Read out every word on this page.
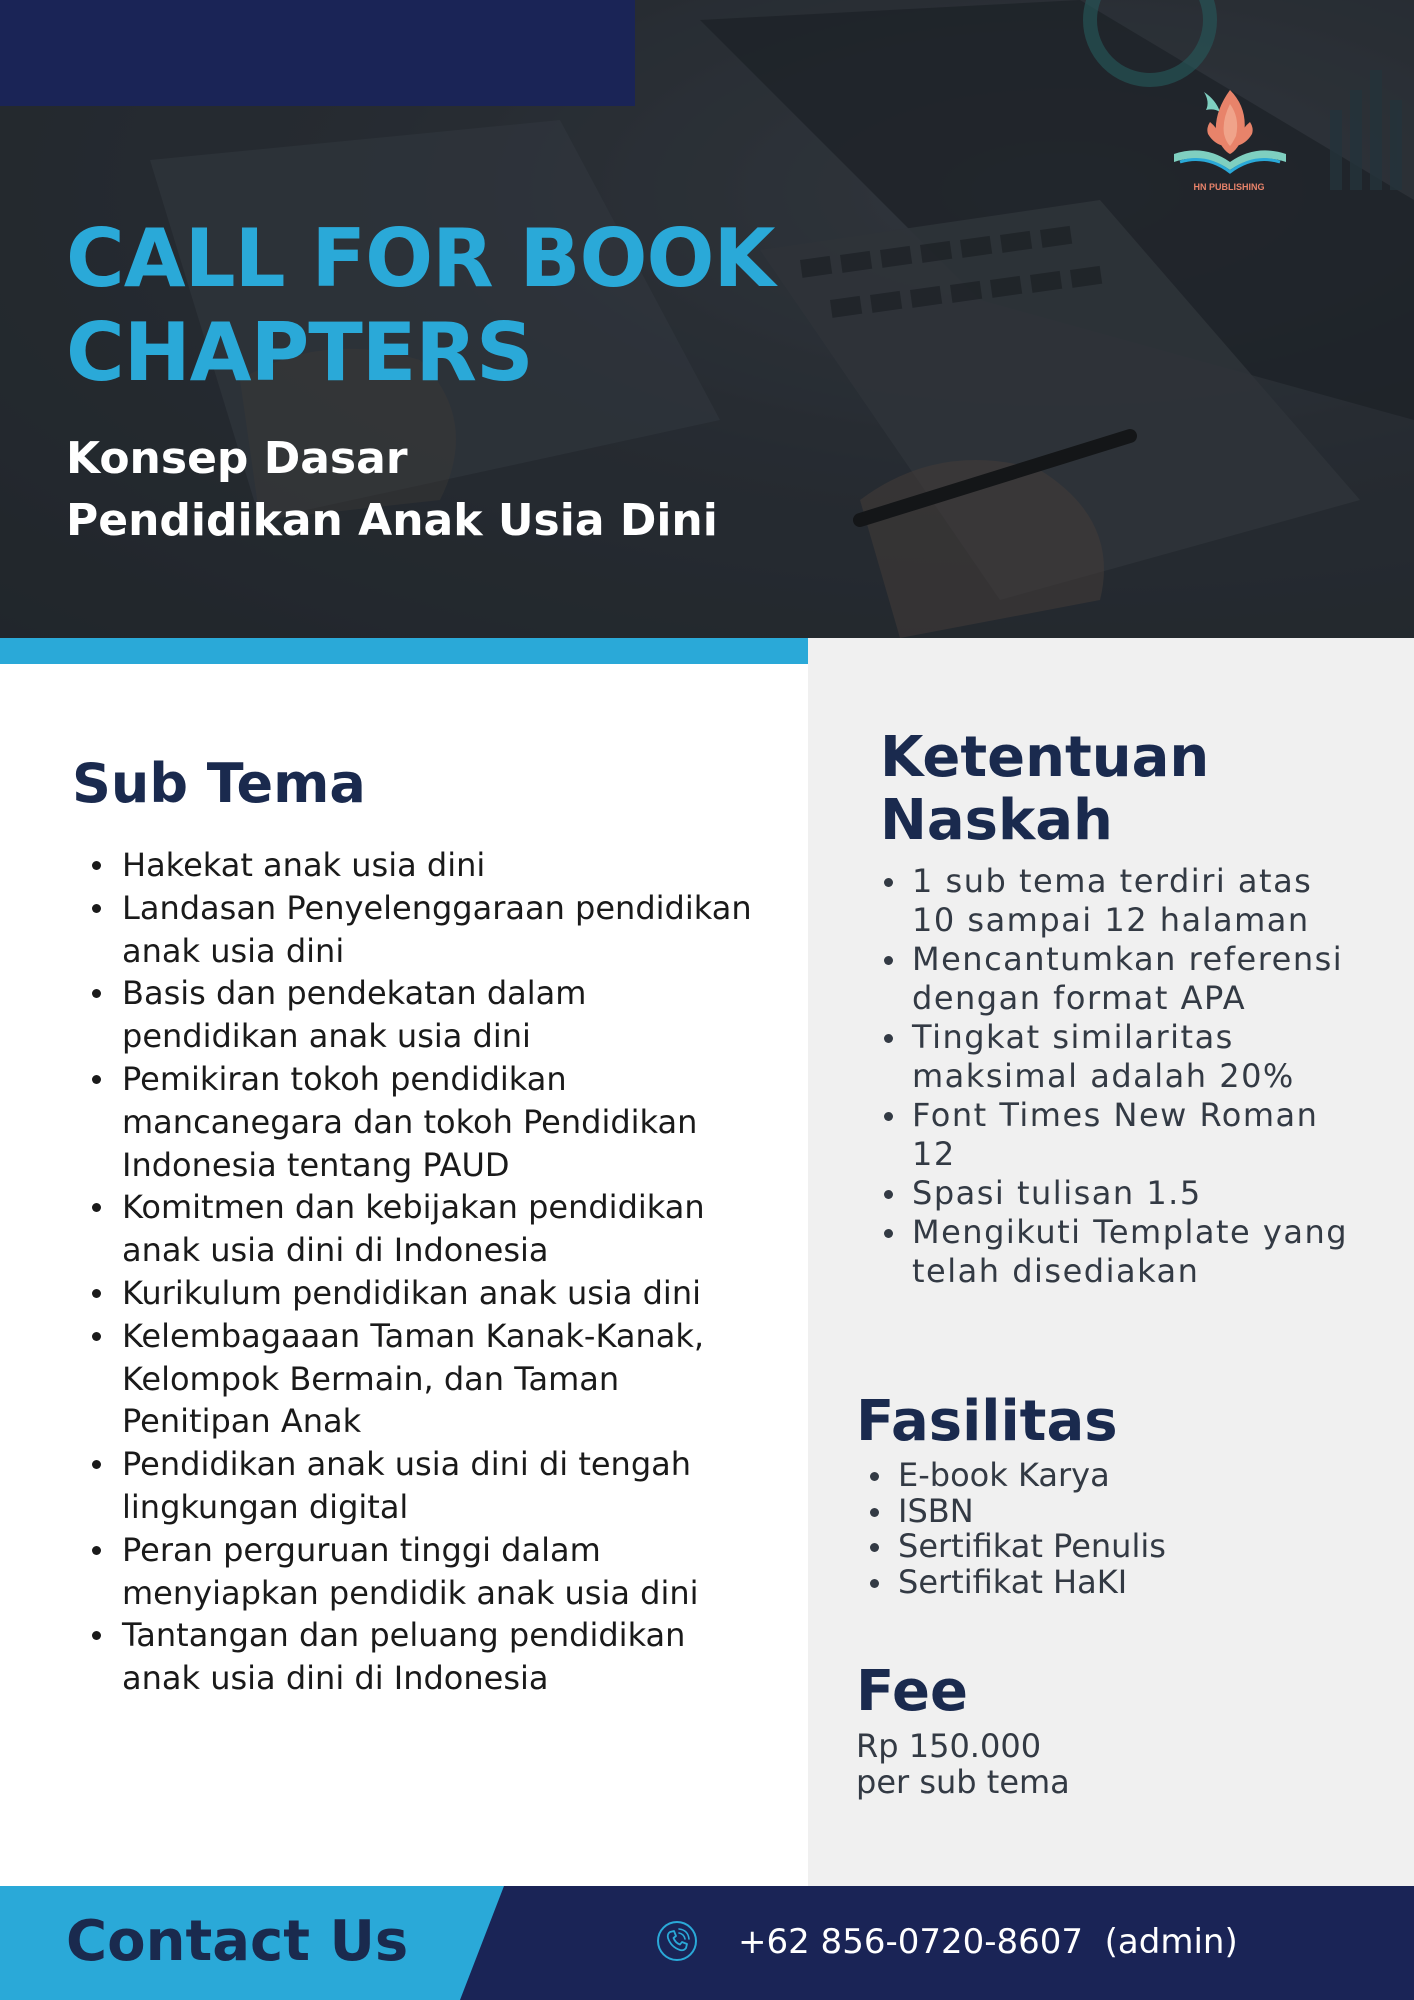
HN PUBLISHING
CALL FOR BOOK
CHAPTERS
Konsep Dasar
Pendidikan Anak Usia Dini
Sub Tema
Hakekat anak usia dini
Landasan Penyelenggaraan pendidikan anak usia dini
Basis dan pendekatan dalam pendidikan anak usia dini
Pemikiran tokoh pendidikan mancanegara dan tokoh Pendidikan Indonesia tentang PAUD
Komitmen dan kebijakan pendidikan anak usia dini di Indonesia
Kurikulum pendidikan anak usia dini
Kelembagaaan Taman Kanak-Kanak, Kelompok Bermain, dan Taman Penitipan Anak
Pendidikan anak usia dini di tengah lingkungan digital
Peran perguruan tinggi dalam menyiapkan pendidik anak usia dini
Tantangan dan peluang pendidikan anak usia dini di Indonesia
Ketentuan
Naskah
1 sub tema terdiri atas 10 sampai 12 halaman
Mencantumkan referensi dengan format APA
Tingkat similaritas maksimal adalah 20%
Font Times New Roman 12
Spasi tulisan 1.5
Mengikuti Template yang telah disediakan
Fasilitas
E-book Karya
ISBN
Sertifikat Penulis
Sertifikat HaKI
Fee

Rp 150.000
per sub tema

Contact Us	+62 856-0720-8607  (admin)
